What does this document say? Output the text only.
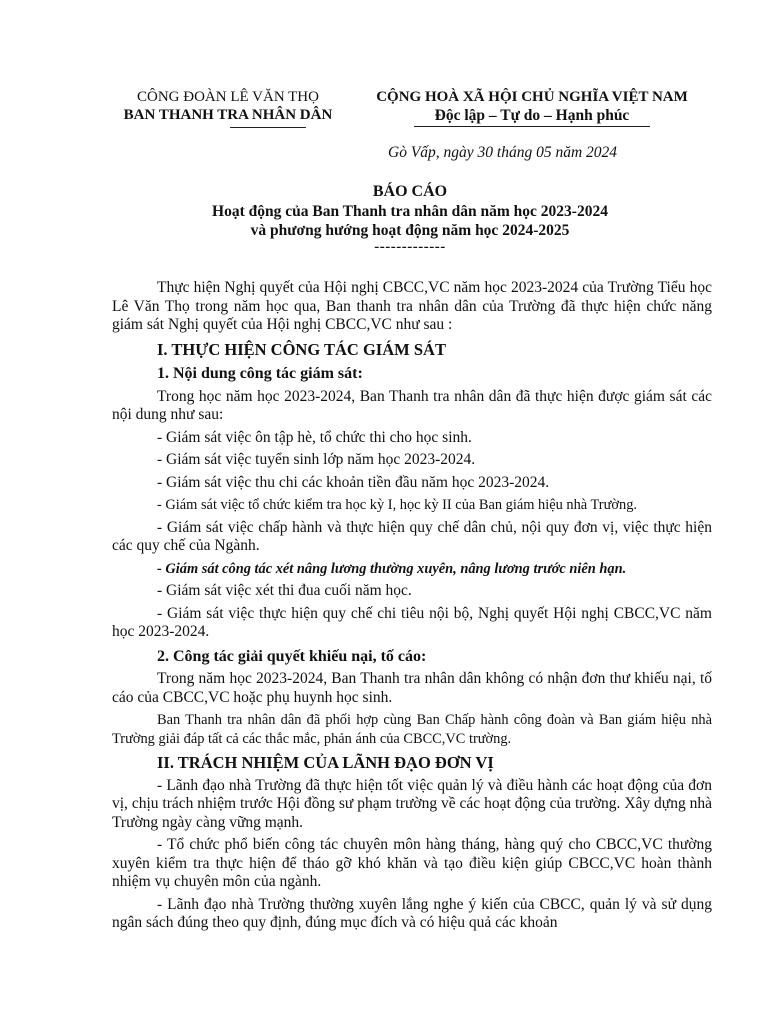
CÔNG ĐOÀN LÊ VĂN THỌ
BAN THANH TRA NHÂN DÂN
CỘNG HOÀ XÃ HỘI CHỦ NGHĨA VIỆT NAM
Độc lập – Tự do – Hạnh phúc
Gò Vấp, ngày 30 tháng 05 năm 2024
BÁO CÁO
Hoạt động của Ban Thanh tra nhân dân năm học 2023-2024
và phương hướng hoạt động năm học 2024-2025
-------------

Thực hiện Nghị quyết của Hội nghị CBCC,VC năm học 2023-2024 của Trường Tiểu học Lê Văn Thọ trong năm học qua, Ban thanh tra nhân dân của Trường đã thực hiện chức năng giám sát Nghị quyết của Hội nghị CBCC,VC như sau :

I. THỰC HIỆN CÔNG TÁC GIÁM SÁT

1. Nội dung công tác giám sát:

Trong học năm học 2023-2024, Ban Thanh tra nhân dân đã thực hiện được giám sát các nội dung như sau:

- Giám sát việc ôn tập hè, tổ chức thi cho học sinh.

- Giám sát việc tuyển sinh lớp năm học 2023-2024.

- Giám sát việc thu chi các khoản tiền đầu năm học 2023-2024.

- Giám sát việc tổ chức kiểm tra học kỳ I, học kỳ II của Ban giám hiệu nhà Trường.

- Giám sát việc chấp hành và thực hiện quy chế dân chủ, nội quy đơn vị, việc thực hiện các quy chế của Ngành.

- Giám sát công tác xét nâng lương thường xuyên, nâng lương trước niên hạn.

- Giám sát việc xét thi đua cuối năm học.

- Giám sát việc thực hiện quy chế chi tiêu nội bộ, Nghị quyết Hội nghị CBCC,VC năm học 2023-2024.

2. Công tác giải quyết khiếu nại, tố cáo:

Trong năm học 2023-2024, Ban Thanh tra nhân dân không có nhận đơn thư khiếu nại, tố cáo của CBCC,VC hoặc phụ huynh học sinh.

Ban Thanh tra nhân dân đã phối hợp cùng Ban Chấp hành công đoàn và Ban giám hiệu nhà Trường giải đáp tất cả các thắc mắc, phản ánh của CBCC,VC trường.

II. TRÁCH NHIỆM CỦA LÃNH ĐẠO ĐƠN VỊ

- Lãnh đạo nhà Trường đã thực hiện tốt việc quản lý và điều hành các hoạt động của đơn vị, chịu trách nhiệm trước Hội đồng sư phạm trường về các hoạt động của trường. Xây dựng nhà Trường ngày càng vững mạnh.

- Tổ chức phổ biến công tác chuyên môn hàng tháng, hàng quý cho CBCC,VC thường xuyên kiểm tra thực hiện để tháo gỡ khó khăn và tạo điều kiện giúp CBCC,VC hoàn thành nhiệm vụ chuyên môn của ngành.

- Lãnh đạo nhà Trường thường xuyên lắng nghe ý kiến của CBCC, quản lý và sử dụng ngân sách đúng theo quy định, đúng mục đích và có hiệu quả các khoản
